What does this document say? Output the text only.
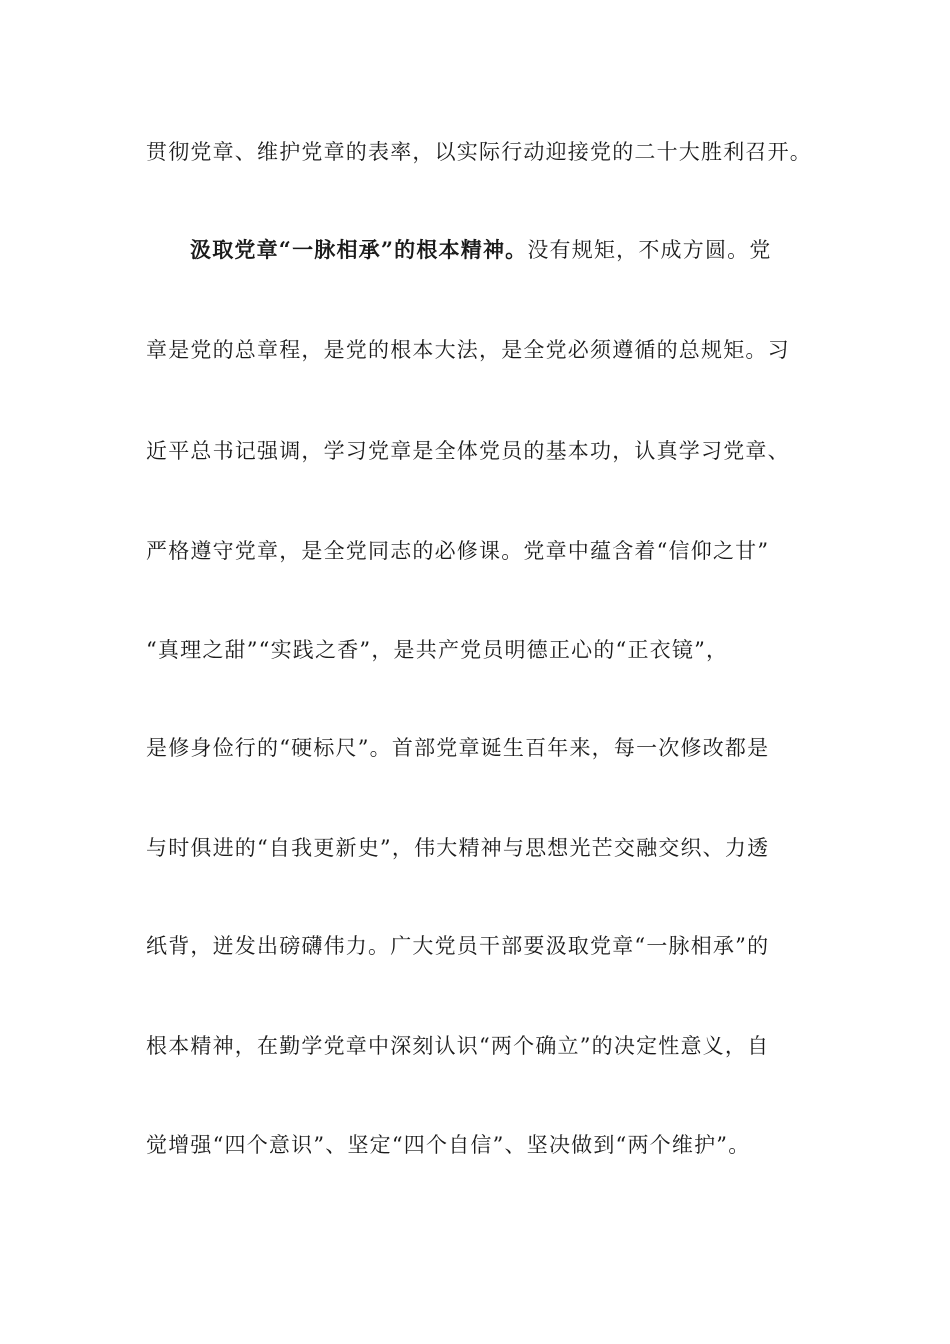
贯彻党章、维护党章的表率，以实际行动迎接党的二十大胜利召开。
汲取党章“一脉相承”的根本精神。没有规矩，不成方圆。党
章是党的总章程，是党的根本大法，是全党必须遵循的总规矩。习
近平总书记强调，学习党章是全体党员的基本功，认真学习党章、
严格遵守党章，是全党同志的必修课。党章中蕴含着“信仰之甘”
“真理之甜”“实践之香”，是共产党员明德正心的“正衣镜”，
是修身俭行的“硬标尺”。首部党章诞生百年来，每一次修改都是
与时俱进的“自我更新史”，伟大精神与思想光芒交融交织、力透
纸背，迸发出磅礴伟力。广大党员干部要汲取党章“一脉相承”的
根本精神，在勤学党章中深刻认识“两个确立”的决定性意义，自
觉增强“四个意识”、坚定“四个自信”、坚决做到“两个维护”。
